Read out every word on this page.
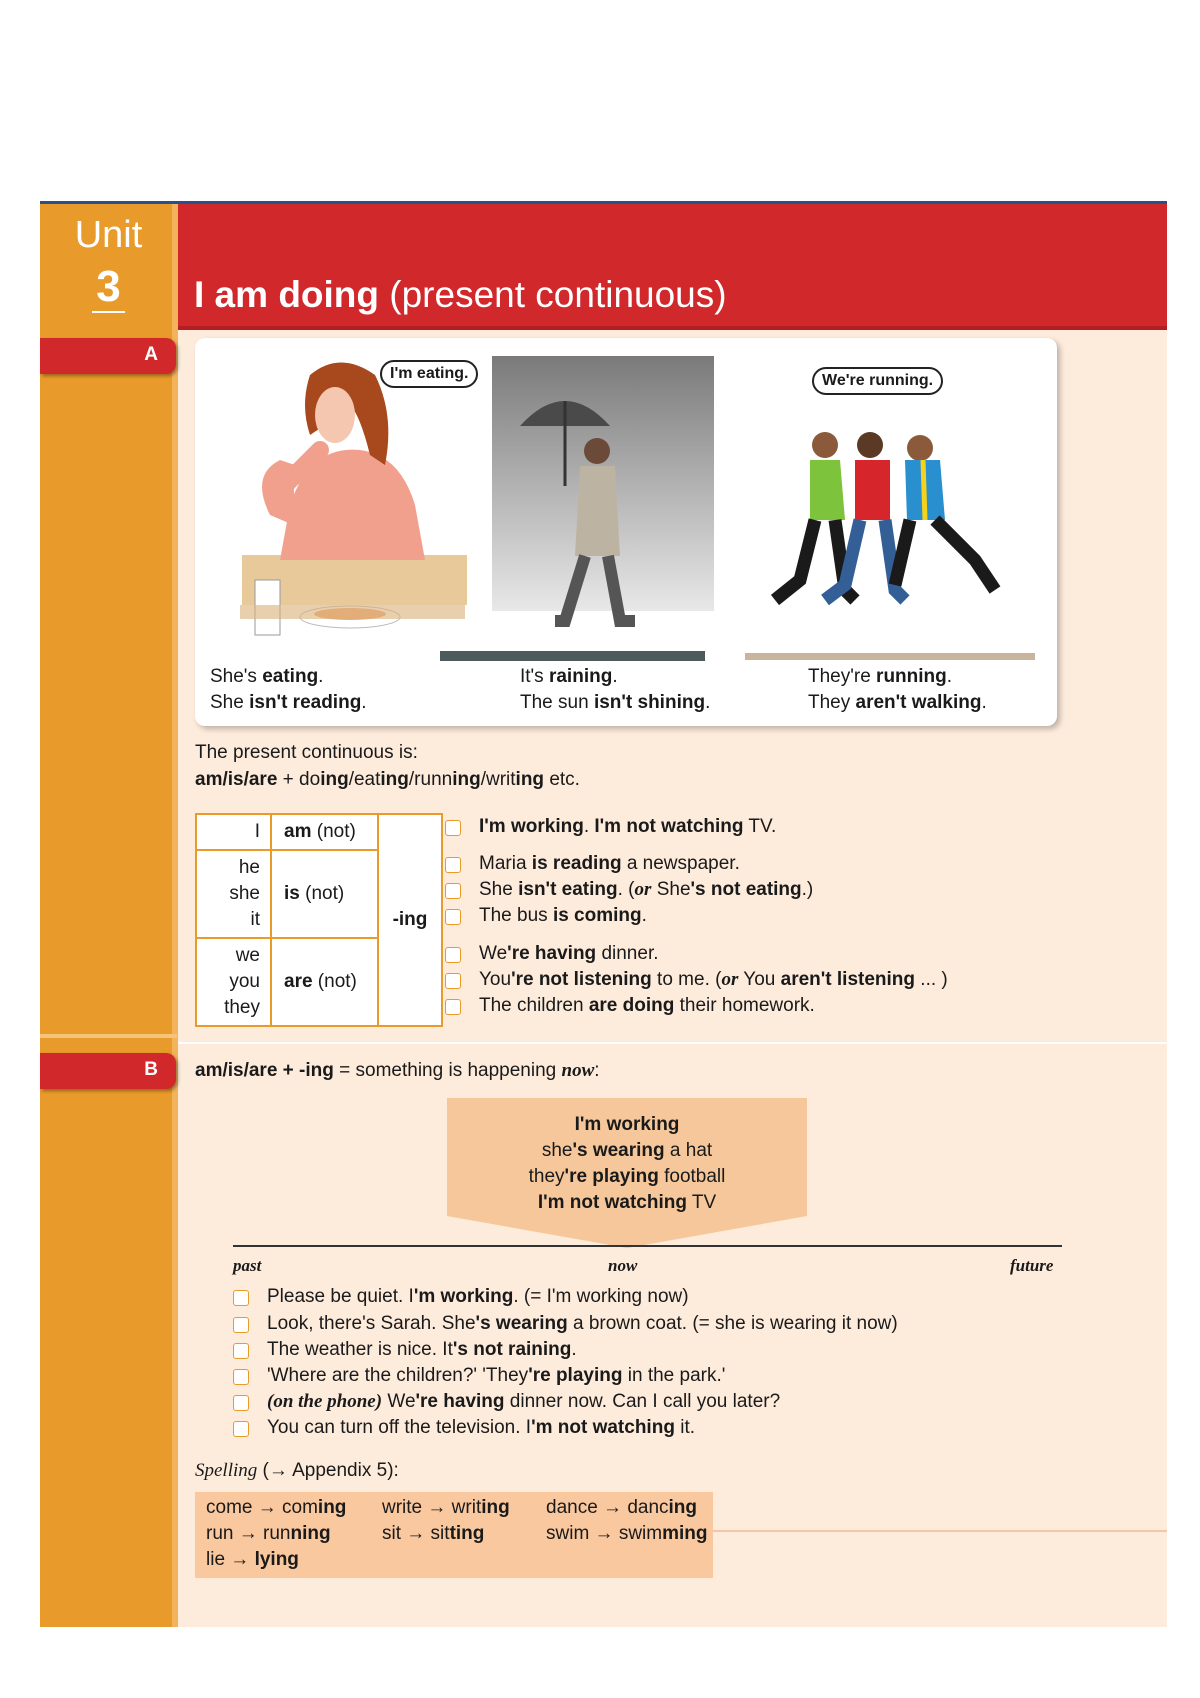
Unit
3	I am doing (present continuous)
A
I'm eating.	We're running.
She's eating.
She isn't reading.
It's raining.
The sun isn't shining.
They're running.
They aren't walking.
The present continuous is:
am/is/are + doing/eating/running/writing etc.
I	am (not)	-ing

he
she
it	is (not)	

we
you
they	are (not)	
I'm working. I'm not watching TV.
Maria is reading a newspaper.
She isn't eating. (or She's not eating.)
The bus is coming.
We're having dinner.
You're not listening to me. (or You aren't listening ... )
The children are doing their homework.
B am/is/are + -ing = something is happening now:
I'm working
she's wearing a hat
they're playing football
I'm not watching TV
past	now	future
Please be quiet. I'm working. (= I'm working now)
Look, there's Sarah. She's wearing a brown coat. (= she is wearing it now)
The weather is nice. It's not raining.
'Where are the children?' 'They're playing in the park.'
(on the phone) We're having dinner now. Can I call you later?
You can turn off the television. I'm not watching it.
Spelling (→ Appendix 5):
come → coming write → writing dance → dancing
run → running	sit → sitting	swim → swimming
lie → lying
